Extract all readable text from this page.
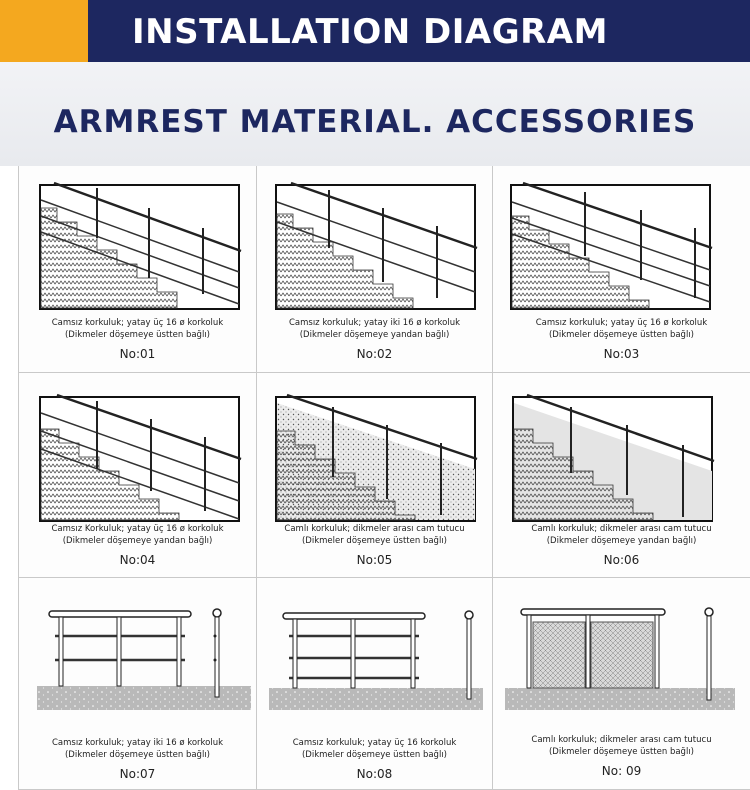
INSTALLATION DIAGRAM
ARMREST MATERIAL. ACCESSORIES
Camsız korkuluk; yatay üç 16 ø korkoluk
(Dikmeler döşemeye üstten bağlı)
No:01
Camsız korkuluk; yatay iki 16 ø korkoluk
(Dikmeler döşemeye yandan bağlı)
No:02
Camsız korkuluk; yatay üç 16 ø korkoluk
(Dikmeler döşemeye üstten bağlı)
No:03
Camsız Korkuluk; yatay üç 16 ø korkoluk
(Dikmeler döşemeye yandan bağlı)
No:04
Camlı korkuluk; dikmeler arası cam tutucu
(Dikmeler döşemeye üstten bağlı)
No:05
Camlı korkuluk; dikmeler arası cam tutucu
(Dikmeler döşemeye yandan bağlı)
No:06
Camsız korkuluk; yatay iki 16 ø korkoluk
(Dikmeler döşemeye üstten bağlı)
No:07
Camsız korkuluk; yatay üç 16 korkoluk
(Dikmeler döşemeye üstten bağlı)
No:08
Camlı korkuluk; dikmeler arası cam tutucu
(Dikmeler döşemeye üstten bağlı)
No: 09
